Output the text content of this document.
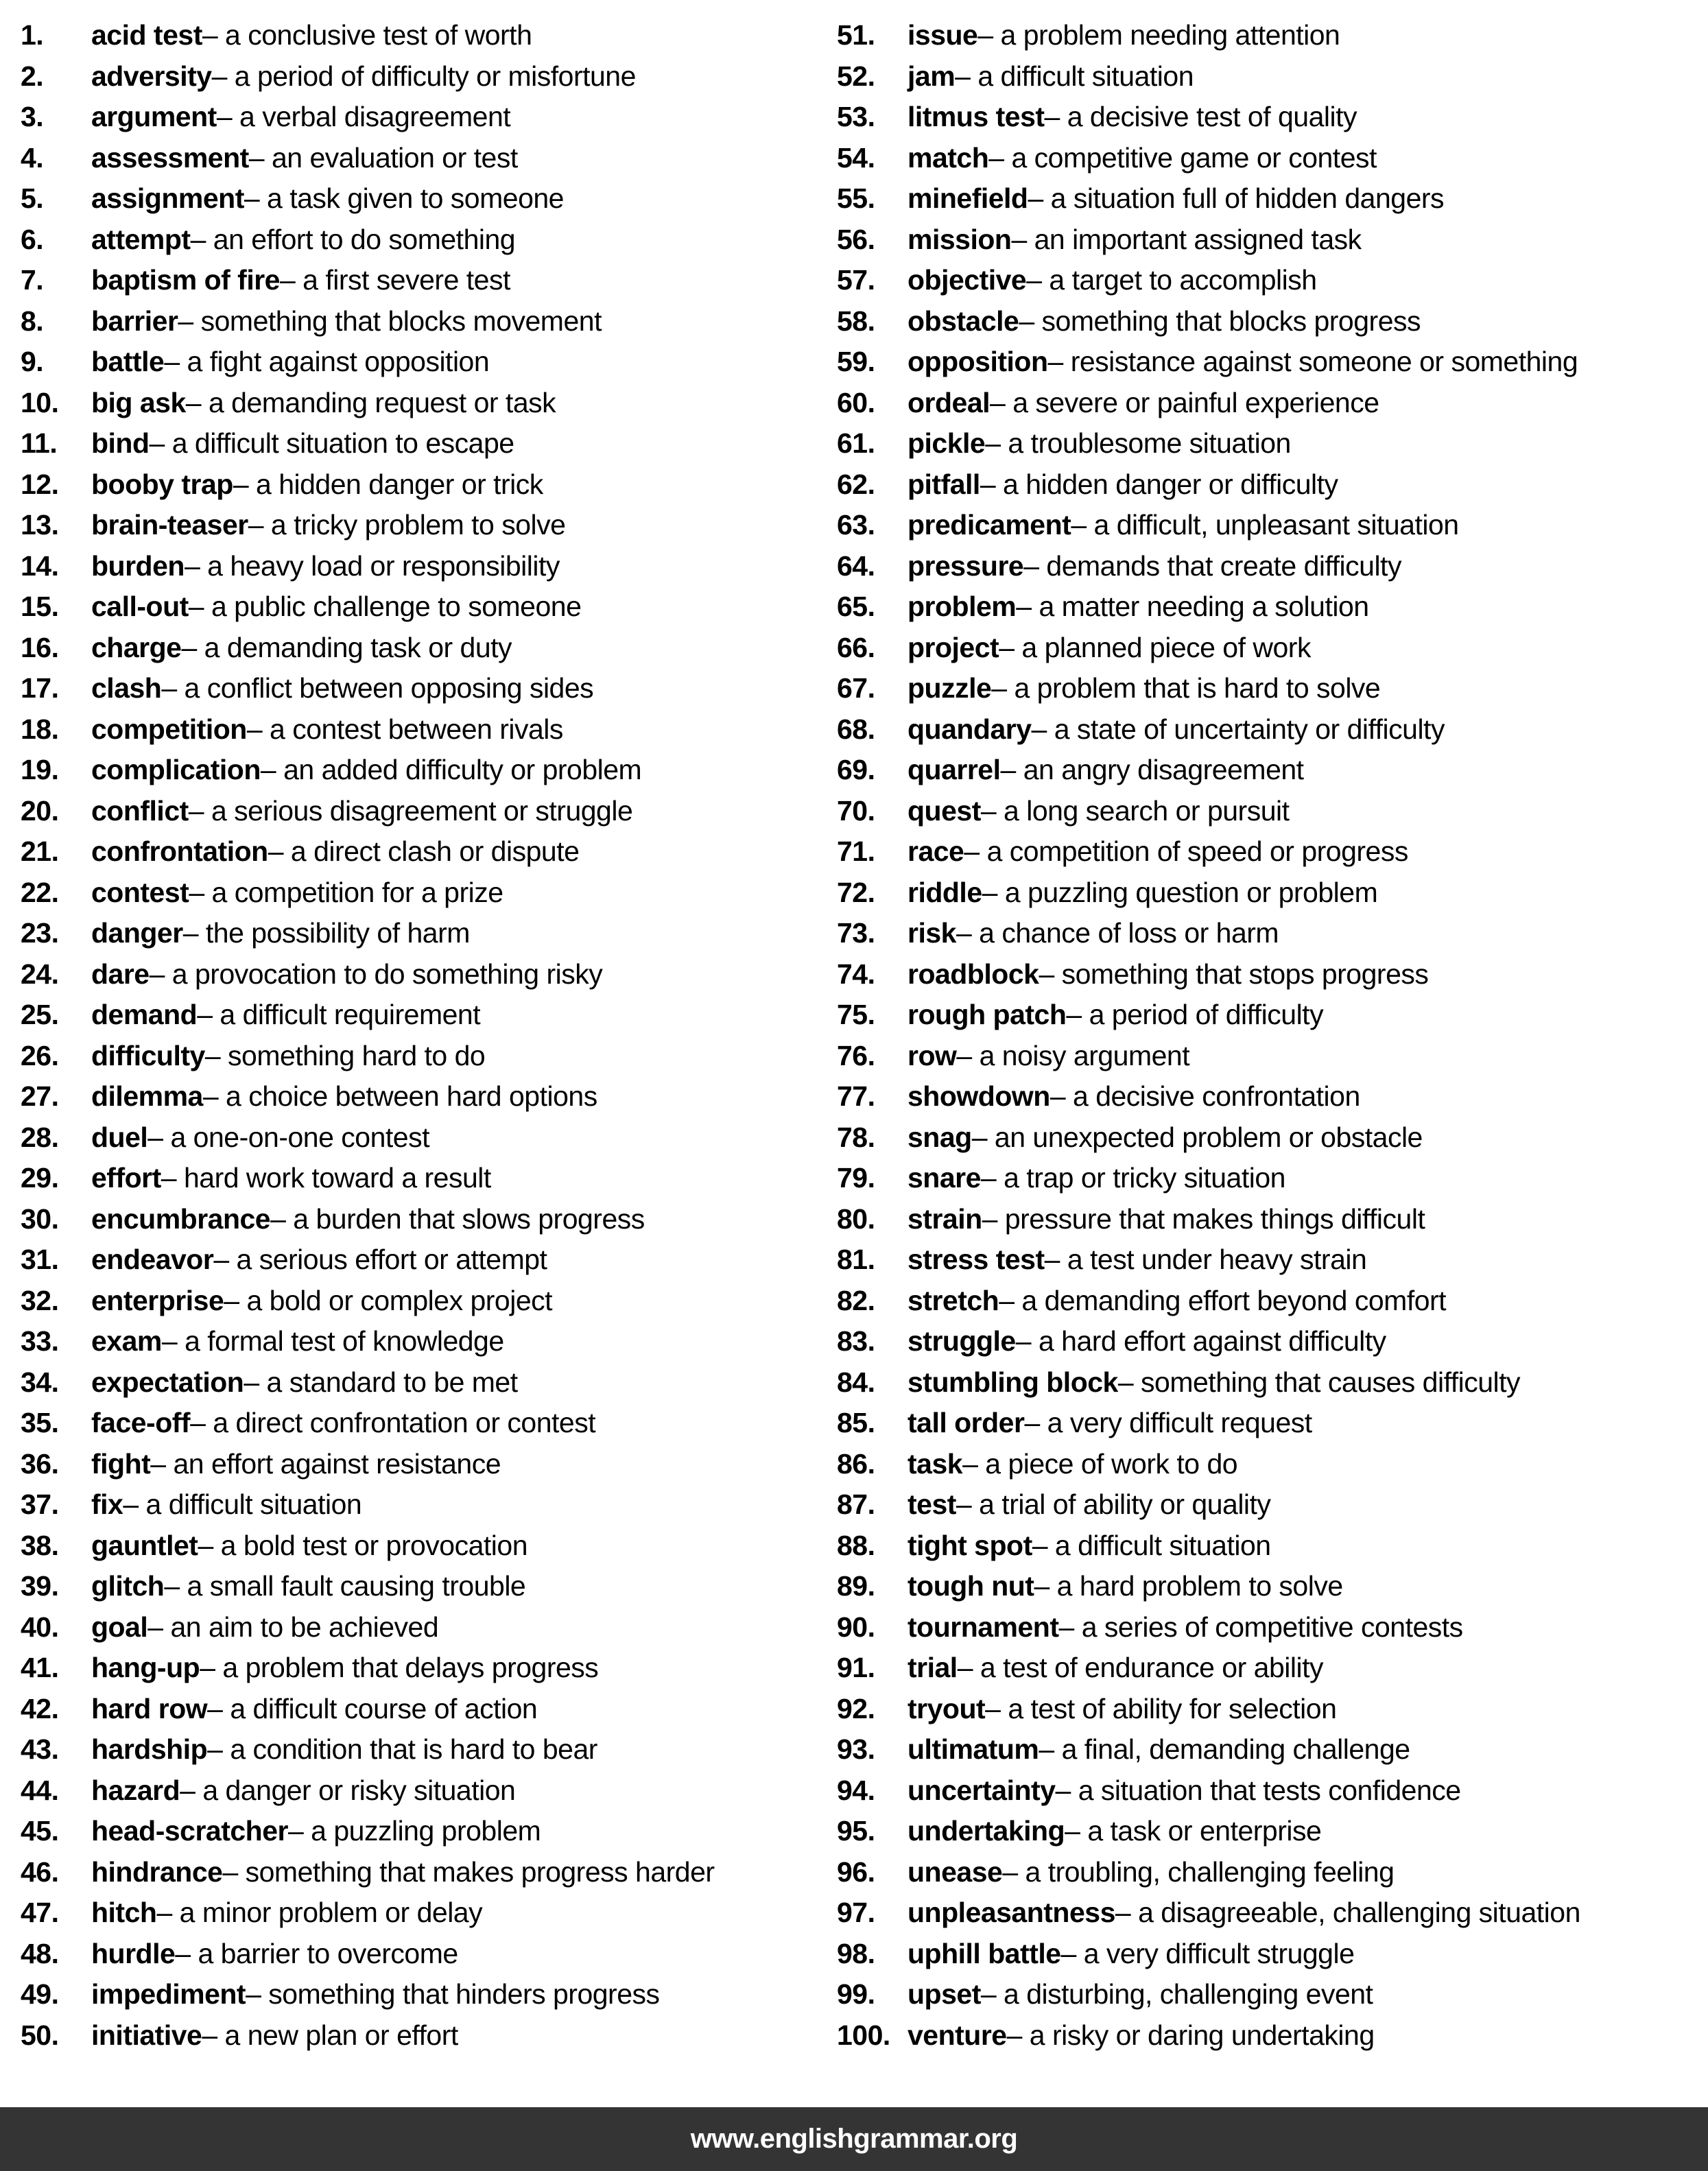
1.	acid test – a conclusive test of worth
2.	adversity – a period of difficulty or misfortune
3.	argument – a verbal disagreement
4.	assessment – an evaluation or test
5.	assignment – a task given to someone
6.	attempt – an effort to do something
7.	baptism of fire – a first severe test
8.	barrier – something that blocks movement
9.	battle – a fight against opposition
10.	big ask – a demanding request or task
11.	bind – a difficult situation to escape
12.	booby trap – a hidden danger or trick
13.	brain-teaser – a tricky problem to solve
14.	burden – a heavy load or responsibility
15.	call-out – a public challenge to someone
16.	charge – a demanding task or duty
17.	clash – a conflict between opposing sides
18.	competition – a contest between rivals
19.	complication – an added difficulty or problem
20.	conflict – a serious disagreement or struggle
21.	confrontation – a direct clash or dispute
22.	contest – a competition for a prize
23.	danger – the possibility of harm
24.	dare – a provocation to do something risky
25.	demand – a difficult requirement
26.	difficulty – something hard to do
27.	dilemma – a choice between hard options
28.	duel – a one-on-one contest
29.	effort – hard work toward a result
30.	encumbrance – a burden that slows progress
31.	endeavor – a serious effort or attempt
32.	enterprise – a bold or complex project
33.	exam – a formal test of knowledge
34.	expectation – a standard to be met
35.	face-off – a direct confrontation or contest
36.	fight – an effort against resistance
37.	fix – a difficult situation
38.	gauntlet – a bold test or provocation
39.	glitch – a small fault causing trouble
40.	goal – an aim to be achieved
41.	hang-up – a problem that delays progress
42.	hard row – a difficult course of action
43.	hardship – a condition that is hard to bear
44.	hazard – a danger or risky situation
45.	head-scratcher – a puzzling problem
46.	hindrance – something that makes progress harder
47.	hitch – a minor problem or delay
48.	hurdle – a barrier to overcome
49.	impediment – something that hinders progress
50.	initiative – a new plan or effort
51.	issue – a problem needing attention
52.	jam – a difficult situation
53.	litmus test – a decisive test of quality
54.	match – a competitive game or contest
55.	minefield – a situation full of hidden dangers
56.	mission – an important assigned task
57.	objective – a target to accomplish
58.	obstacle – something that blocks progress
59.	opposition – resistance against someone or something
60.	ordeal – a severe or painful experience
61.	pickle – a troublesome situation
62.	pitfall – a hidden danger or difficulty
63.	predicament – a difficult, unpleasant situation
64.	pressure – demands that create difficulty
65.	problem – a matter needing a solution
66.	project – a planned piece of work
67.	puzzle – a problem that is hard to solve
68.	quandary – a state of uncertainty or difficulty
69.	quarrel – an angry disagreement
70.	quest – a long search or pursuit
71.	race – a competition of speed or progress
72.	riddle – a puzzling question or problem
73.	risk – a chance of loss or harm
74.	roadblock – something that stops progress
75.	rough patch – a period of difficulty
76.	row – a noisy argument
77.	showdown – a decisive confrontation
78.	snag – an unexpected problem or obstacle
79.	snare – a trap or tricky situation
80.	strain – pressure that makes things difficult
81.	stress test – a test under heavy strain
82.	stretch – a demanding effort beyond comfort
83.	struggle – a hard effort against difficulty
84.	stumbling block – something that causes difficulty
85.	tall order – a very difficult request
86.	task – a piece of work to do
87.	test – a trial of ability or quality
88.	tight spot – a difficult situation
89.	tough nut – a hard problem to solve
90.	tournament – a series of competitive contests
91.	trial – a test of endurance or ability
92.	tryout – a test of ability for selection
93.	ultimatum – a final, demanding challenge
94.	uncertainty – a situation that tests confidence
95.	undertaking – a task or enterprise
96.	unease – a troubling, challenging feeling
97.	unpleasantness – a disagreeable, challenging situation
98.	uphill battle – a very difficult struggle
99.	upset – a disturbing, challenging event
100. venture – a risky or daring undertaking
www.englishgrammar.org
